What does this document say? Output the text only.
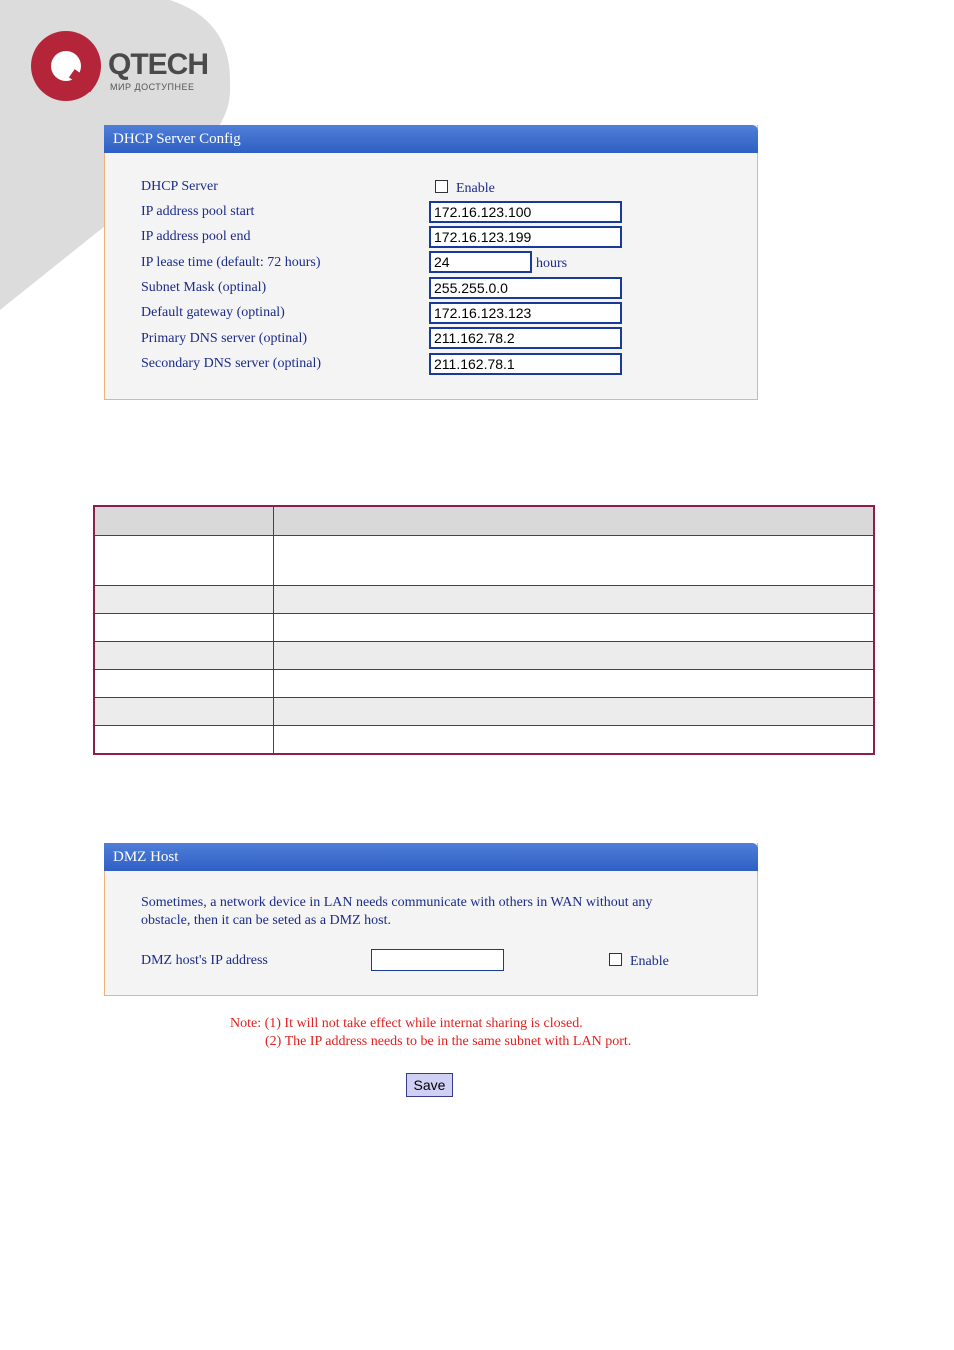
QTECH
МИР ДОСТУПНЕЕ
DHCP Server Config
DHCP Server	Enable
IP address pool start	172.16.123.100
IP address pool end	172.16.123.199
IP lease time (default: 72 hours)	24	hours
Subnet Mask (optinal)	255.255.0.0
Default gateway (optinal)	172.16.123.123
Primary DNS server (optinal)	211.162.78.2
Secondary DNS server (optinal)	211.162.78.1

DMZ Host
Sometimes, a network device in LAN needs communicate with others in WAN without any
obstacle, then it can be seted as a DMZ host.
DMZ host's IP address	Enable
Note: (1) It will not take effect while internat sharing is closed.
(2) The IP address needs to be in the same subnet with LAN port.
Save
